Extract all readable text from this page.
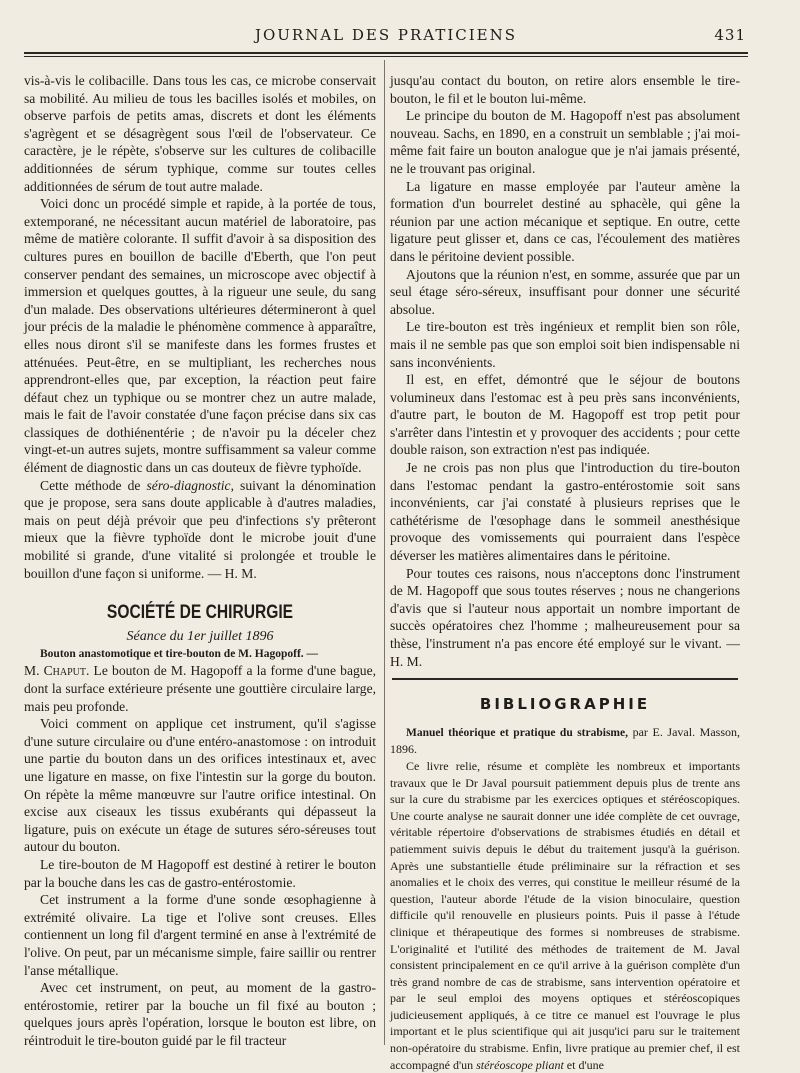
JOURNAL DES PRATICIENS	431

vis-à-vis le colibacille. Dans tous les cas, ce microbe conservait sa mobilité. Au milieu de tous les bacilles isolés et mobiles, on observe parfois de petits amas, discrets et dont les éléments s'agrègent et se désagrègent sous l'œil de l'observateur. Ce caractère, je le répète, s'observe sur les cultures de colibacille additionnées de sérum typhique, comme sur toutes celles additionnées de sérum de tout autre malade.

Voici donc un procédé simple et rapide, à la portée de tous, extemporané, ne nécessitant aucun matériel de laboratoire, pas même de matière colorante. Il suffit d'avoir à sa disposition des cultures pures en bouillon de bacille d'Eberth, que l'on peut conserver pendant des semaines, un microscope avec objectif à immersion et quelques gouttes, à la rigueur une seule, du sang d'un malade. Des observations ultérieures détermineront à quel jour précis de la maladie le phénomène commence à apparaître, elles nous diront s'il se manifeste dans les formes frustes et atténuées. Peut-être, en se multipliant, les recherches nous apprendront-elles que, par exception, la réaction peut faire défaut chez un typhique ou se montrer chez un autre malade, mais le fait de l'avoir constatée d'une façon précise dans six cas classiques de dothiénentérie ; de n'avoir pu la déceler chez vingt-et-un autres sujets, montre suffisamment sa valeur comme élément de diagnostic dans un cas douteux de fièvre typhoïde.

Cette méthode de séro-diagnostic, suivant la dénomination que je propose, sera sans doute applicable à d'autres maladies, mais on peut déjà prévoir que peu d'infections s'y prêteront mieux que la fièvre typhoïde dont le microbe jouit d'une mobilité si grande, d'une vitalité si prolongée et trouble le bouillon d'une façon si uniforme. — H. M.

SOCIÉTÉ DE CHIRURGIE
Séance du 1er juillet 1896

Bouton anastomotique et tire-bouton de M. Hagopoff. —

M. Chaput. Le bouton de M. Hagopoff a la forme d'une bague, dont la surface extérieure présente une gouttière circulaire large, mais peu profonde.

Voici comment on applique cet instrument, qu'il s'agisse d'une suture circulaire ou d'une entéro-anastomose : on introduit une partie du bouton dans un des orifices intestinaux et, avec une ligature en masse, on fixe l'intestin sur la gorge du bouton. On répète la même manœuvre sur l'autre orifice intestinal. On excise aux ciseaux les tissus exubérants qui dépasseut la ligature, puis on exécute un étage de sutures séro-séreuses tout autour du bouton.

Le tire-bouton de M Hagopoff est destiné à retirer le bouton par la bouche dans les cas de gastro-entérostomie.

Cet instrument a la forme d'une sonde œsophagienne à extrémité olivaire. La tige et l'olive sont creuses. Elles contiennent un long fil d'argent terminé en anse à l'extrémité de l'olive. On peut, par un mécanisme simple, faire saillir ou rentrer l'anse métallique.

Avec cet instrument, on peut, au moment de la gastro-entérostomie, retirer par la bouche un fil fixé au bouton ; quelques jours après l'opération, lorsque le bouton est libre, on réintroduit le tire-bouton guidé par le fil tracteur

jusqu'au contact du bouton, on retire alors ensemble le tire-bouton, le fil et le bouton lui-même.

Le principe du bouton de M. Hagopoff n'est pas absolument nouveau. Sachs, en 1890, en a construit un semblable ; j'ai moi-même fait faire un bouton analogue que je n'ai jamais présenté, ne le trouvant pas original.

La ligature en masse employée par l'auteur amène la formation d'un bourrelet destiné au sphacèle, qui gêne la réunion par une action mécanique et septique. En outre, cette ligature peut glisser et, dans ce cas, l'écoulement des matières dans le péritoine devient possible.

Ajoutons que la réunion n'est, en somme, assurée que par un seul étage séro-séreux, insuffisant pour donner une sécurité absolue.

Le tire-bouton est très ingénieux et remplit bien son rôle, mais il ne semble pas que son emploi soit bien indispensable ni sans inconvénients.

Il est, en effet, démontré que le séjour de boutons volumineux dans l'estomac est à peu près sans inconvénients, d'autre part, le bouton de M. Hagopoff est trop petit pour s'arrêter dans l'intestin et y provoquer des accidents ; pour cette double raison, son extraction n'est pas indiquée.

Je ne crois pas non plus que l'introduction du tire-bouton dans l'estomac pendant la gastro-entérostomie soit sans inconvénients, car j'ai constaté à plusieurs reprises que le cathétérisme de l'œsophage dans le sommeil anesthésique provoque des vomissements qui pourraient dans l'espèce déverser les matières alimentaires dans le péritoine.

Pour toutes ces raisons, nous n'acceptons donc l'instrument de M. Hagopoff que sous toutes réserves ; nous ne changerions d'avis que si l'auteur nous apportait un nombre important de succès opératoires chez l'homme ; malheureusement pour sa thèse, l'instrument n'a pas encore été employé sur le vivant. — H. M.

BIBLIOGRAPHIE

Manuel théorique et pratique du strabisme, par E. Javal. Masson, 1896.

Ce livre relie, résume et complète les nombreux et importants travaux que le Dr Javal poursuit patiemment depuis plus de trente ans sur la cure du strabisme par les exercices optiques et stéréoscopiques. Une courte analyse ne saurait donner une idée complète de cet ouvrage, véritable répertoire d'observations de strabismes étudiés en détail et patiemment suivis depuis le début du traitement jusqu'à la guérison. Après une substantielle étude préliminaire sur la réfraction et ses anomalies et le choix des verres, qui constitue le meilleur résumé de la question, l'auteur aborde l'étude de la vision binoculaire, question difficile qu'il renouvelle en plusieurs points. Puis il passe à l'étude clinique et thérapeutique des formes si nombreuses de strabisme. L'originalité et l'utilité des méthodes de traitement de M. Javal consistent principalement en ce qu'il arrive à la guérison complète d'un très grand nombre de cas de strabisme, sans intervention opératoire et par le seul emploi des moyens optiques et stéréoscopiques judicieusement appliqués, à ce titre ce manuel est l'ouvrage le plus important et le plus scientifique qui ait jusqu'ici paru sur le traitement non-opératoire du strabisme. Enfin, livre pratique au premier chef, il est accompagné d'un stéréoscope pliant et d'une
